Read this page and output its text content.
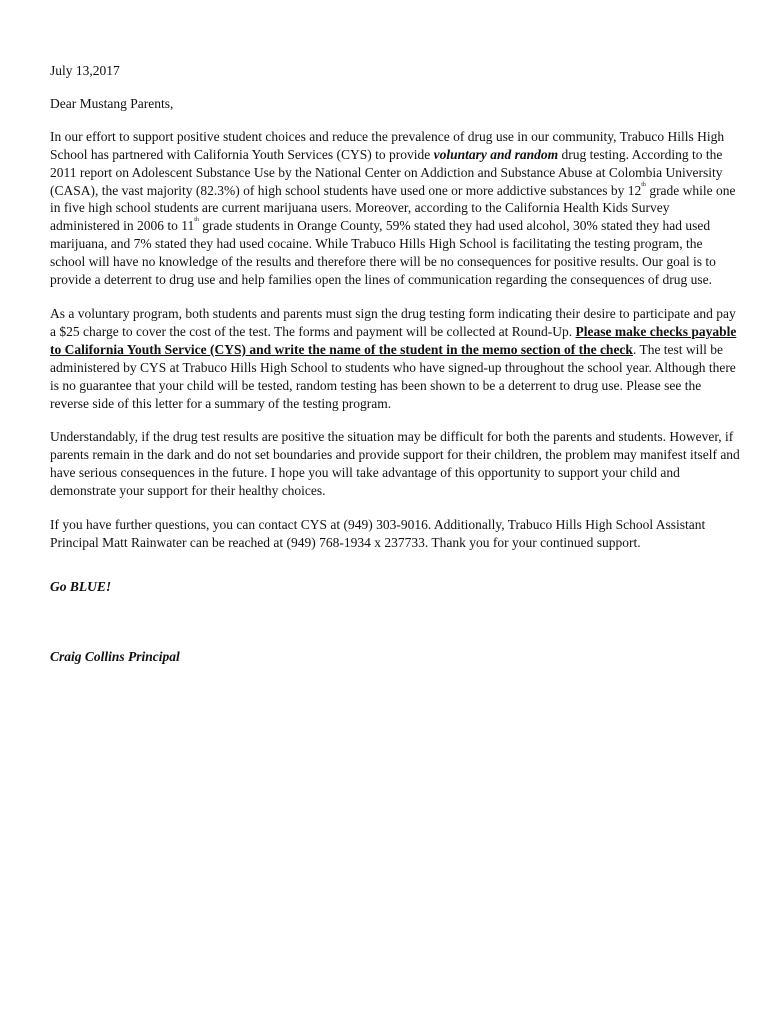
July 13,2017

Dear Mustang Parents,

In our effort to support positive student choices and reduce the prevalence of drug use in our community, Trabuco Hills High School has partnered with California Youth Services (CYS) to provide voluntary and random drug testing. According to the 2011 report on Adolescent Substance Use by the National Center on Addiction and Substance Abuse at Colombia University (CASA), the vast majority (82.3%) of high school students have used one or more addictive substances by 12th grade while one in five high school students are current marijuana users. Moreover, according to the California Health Kids Survey administered in 2006 to 11th grade students in Orange County, 59% stated they had used alcohol, 30% stated they had used marijuana, and 7% stated they had used cocaine. While Trabuco Hills High School is facilitating the testing program, the school will have no knowledge of the results and therefore there will be no consequences for positive results. Our goal is to provide a deterrent to drug use and help families open the lines of communication regarding the consequences of drug use.

As a voluntary program, both students and parents must sign the drug testing form indicating their desire to participate and pay a $25 charge to cover the cost of the test. The forms and payment will be collected at Round-Up. Please make checks payable to California Youth Service (CYS) and write the name of the student in the memo section of the check. The test will be administered by CYS at Trabuco Hills High School to students who have signed-up throughout the school year. Although there is no guarantee that your child will be tested, random testing has been shown to be a deterrent to drug use. Please see the reverse side of this letter for a summary of the testing program.

Understandably, if the drug test results are positive the situation may be difficult for both the parents and students. However, if parents remain in the dark and do not set boundaries and provide support for their children, the problem may manifest itself and have serious consequences in the future. I hope you will take advantage of this opportunity to support your child and demonstrate your support for their healthy choices.

If you have further questions, you can contact CYS at (949) 303-9016. Additionally, Trabuco Hills High School Assistant Principal Matt Rainwater can be reached at (949) 768-1934 x 237733. Thank you for your continued support.

Go BLUE!

Craig Collins Principal
